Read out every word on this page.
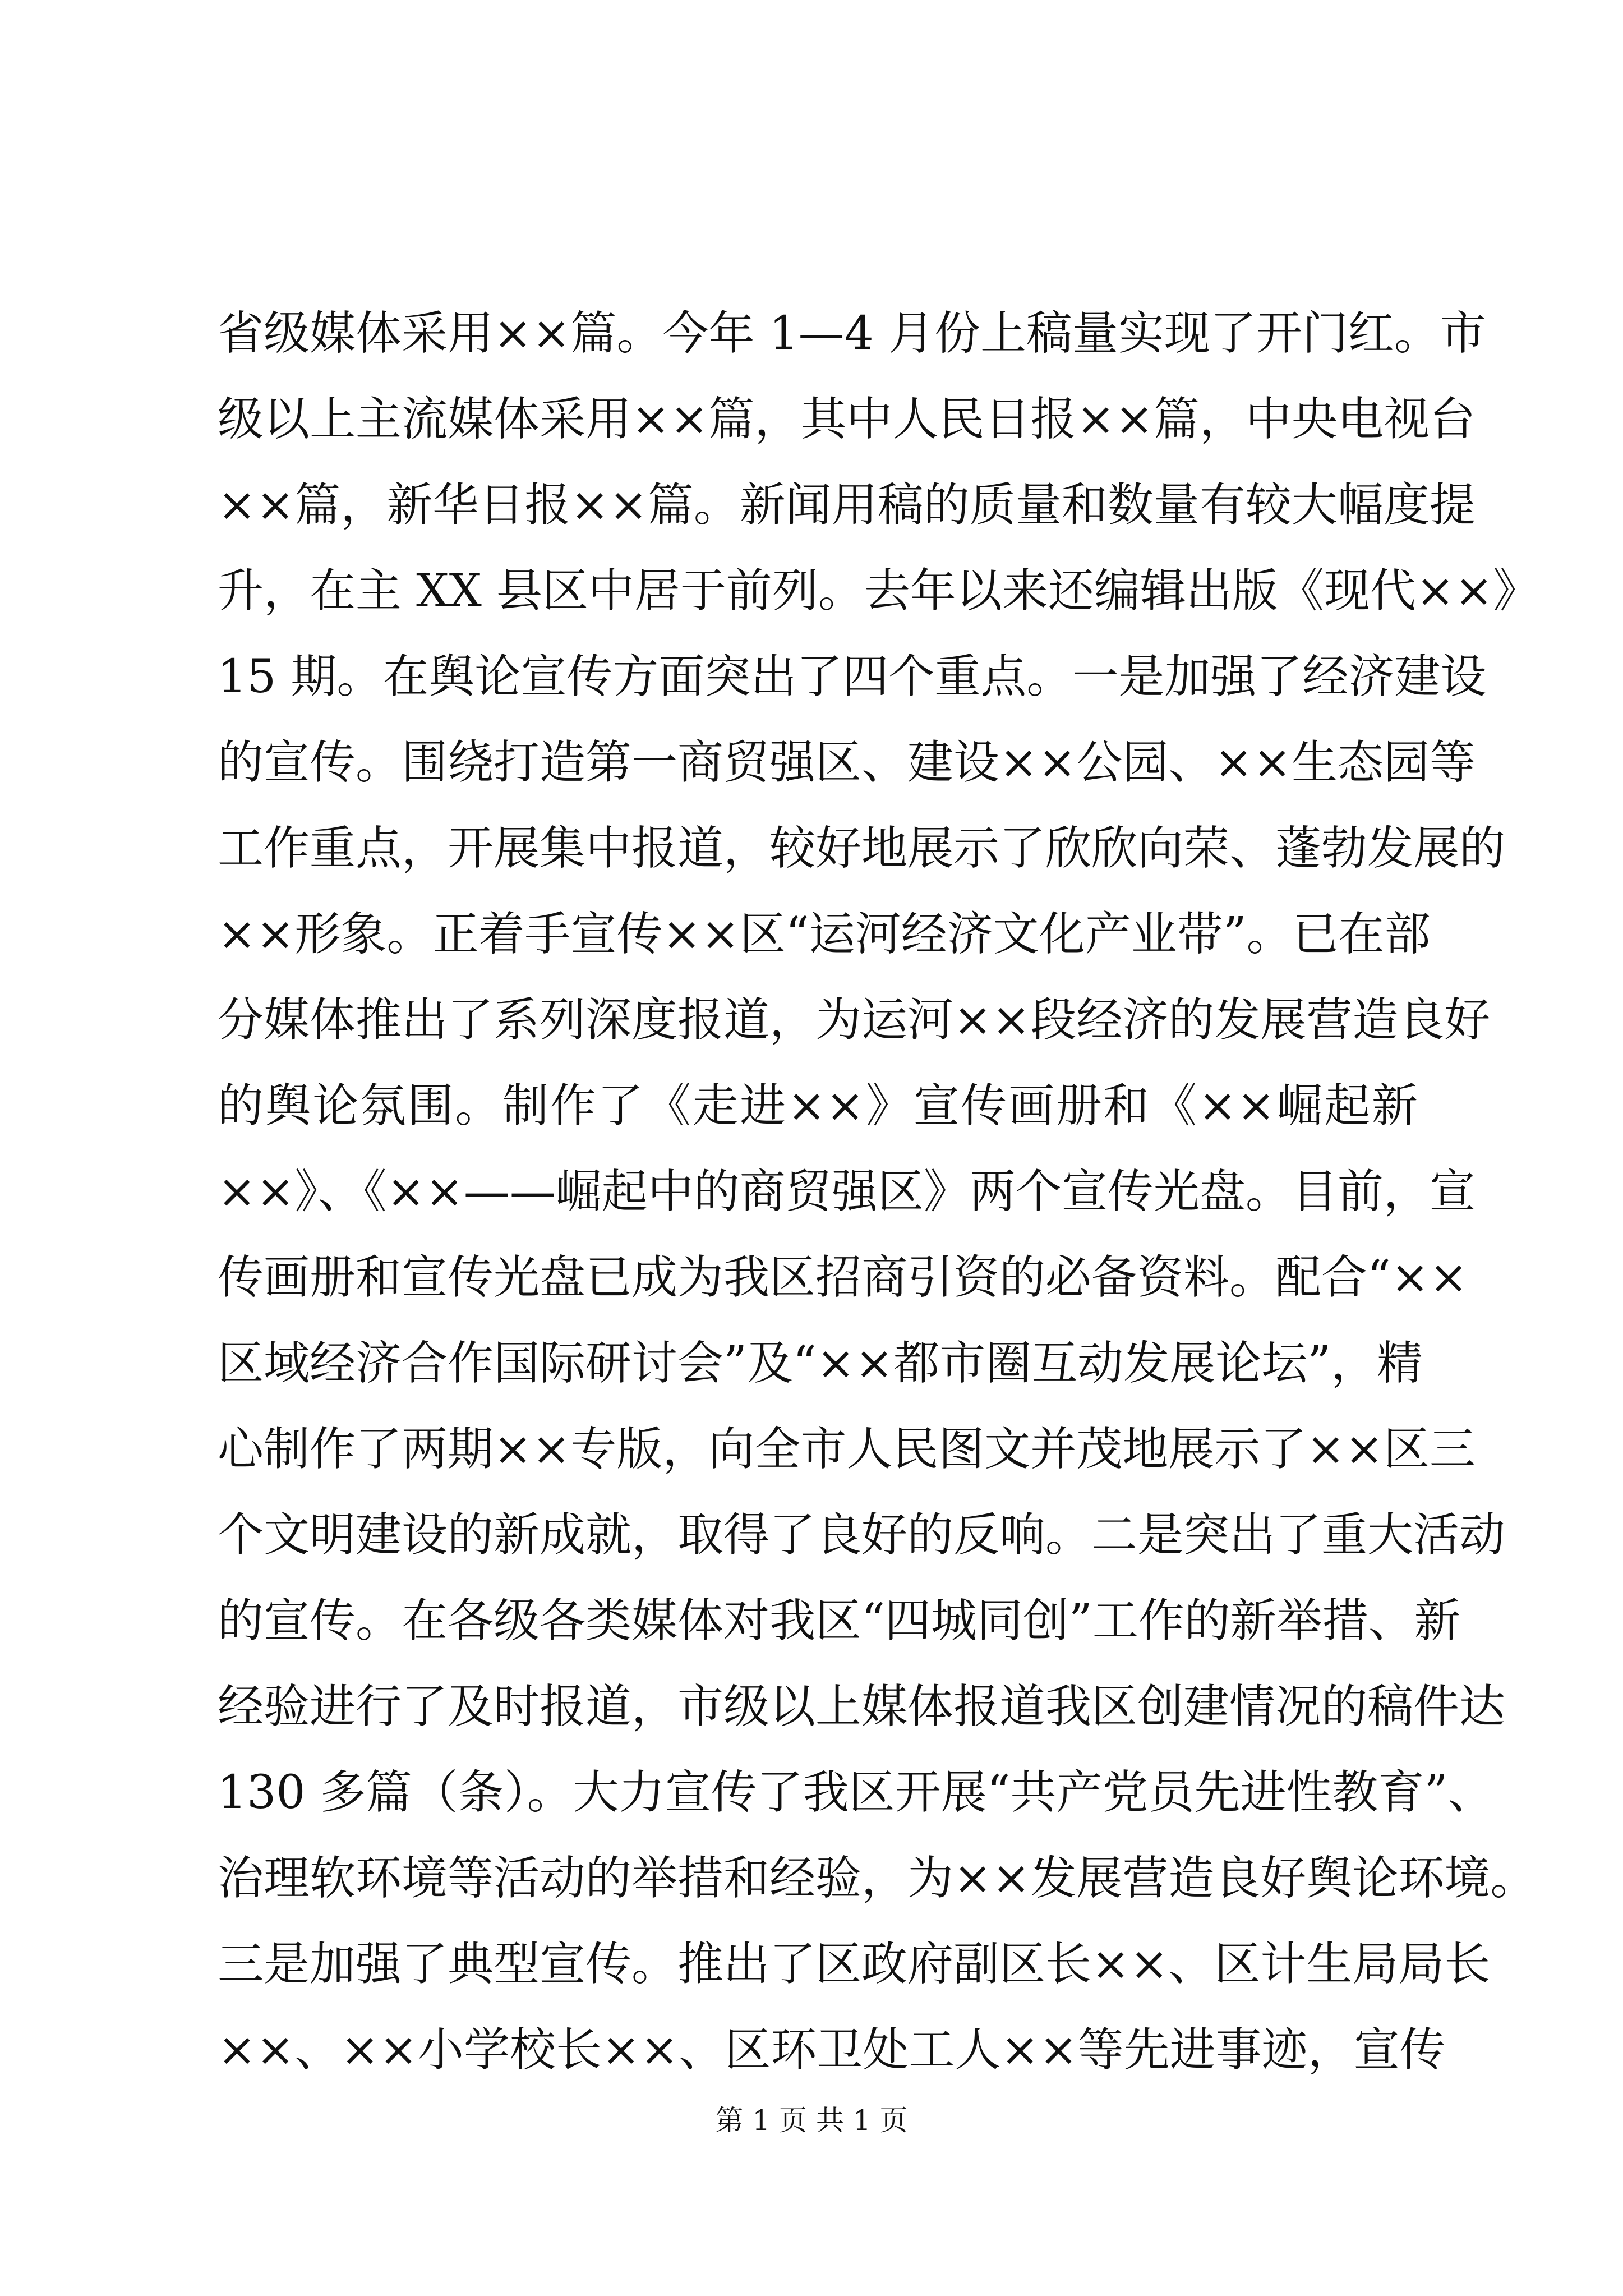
省级媒体采用××篇。今年 1—4 月份上稿量实现了开门红。市
级以上主流媒体采用××篇，其中人民日报××篇，中央电视台
××篇，新华日报××篇。新闻用稿的质量和数量有较大幅度提
升，在主 XX 县区中居于前列。去年以来还编辑出版《现代××》
15 期。在舆论宣传方面突出了四个重点。一是加强了经济建设
的宣传。围绕打造第一商贸强区、建设××公园、××生态园等
工作重点，开展集中报道，较好地展示了欣欣向荣、蓬勃发展的
××形象。正着手宣传××区“运河经济文化产业带”。已在部
分媒体推出了系列深度报道，为运河××段经济的发展营造良好
的舆论氛围。制作了《走进××》宣传画册和《××崛起新
××》、《××——崛起中的商贸强区》两个宣传光盘。目前，宣
传画册和宣传光盘已成为我区招商引资的必备资料。配合“××
区域经济合作国际研讨会”及“××都市圈互动发展论坛”，精
心制作了两期××专版，向全市人民图文并茂地展示了××区三
个文明建设的新成就，取得了良好的反响。二是突出了重大活动
的宣传。在各级各类媒体对我区“四城同创”工作的新举措、新
经验进行了及时报道，市级以上媒体报道我区创建情况的稿件达
130 多篇（条）。大力宣传了我区开展“共产党员先进性教育”、
治理软环境等活动的举措和经验，为××发展营造良好舆论环境。
三是加强了典型宣传。推出了区政府副区长××、区计生局局长
××、××小学校长××、区环卫处工人××等先进事迹，宣传
第 1 页 共 1 页
